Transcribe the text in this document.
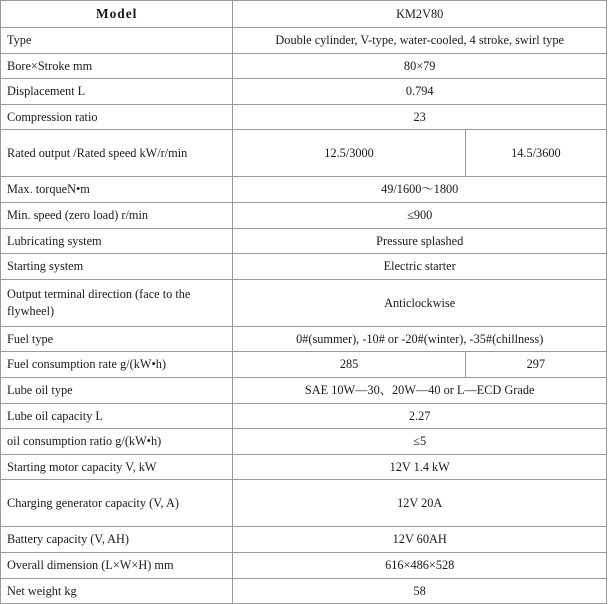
Model	KM2V80	
Type	Double cylinder, V-type, water-cooled, 4 stroke, swirl type	
Bore×Stroke mm	80×79	
Displacement L	0.794	
Compression ratio	23	
Rated output /Rated speed kW/r/min	12.5/3000	14.5/3600
Max. torqueN•m	49/1600～1800	
Min. speed (zero load) r/min	≤900	
Lubricating system	Pressure splashed	
Starting system	Electric starter	
Output terminal direction (face to the flywheel)	Anticlockwise	
Fuel type	0#(summer), -10# or -20#(winter), -35#(chillness)	
Fuel consumption rate g/(kW•h)	285	297
Lube oil type	SAE 10W—30、20W—40 or L—ECD Grade	
Lube oil capacity L	2.27	
oil consumption ratio g/(kW•h)	≤5	
Starting motor capacity V, kW	12V 1.4 kW	
Charging generator capacity (V, A)	12V 20A	
Battery capacity (V, AH)	12V 60AH	
Overall dimension (L×W×H) mm	616×486×528	
Net weight kg	58	
